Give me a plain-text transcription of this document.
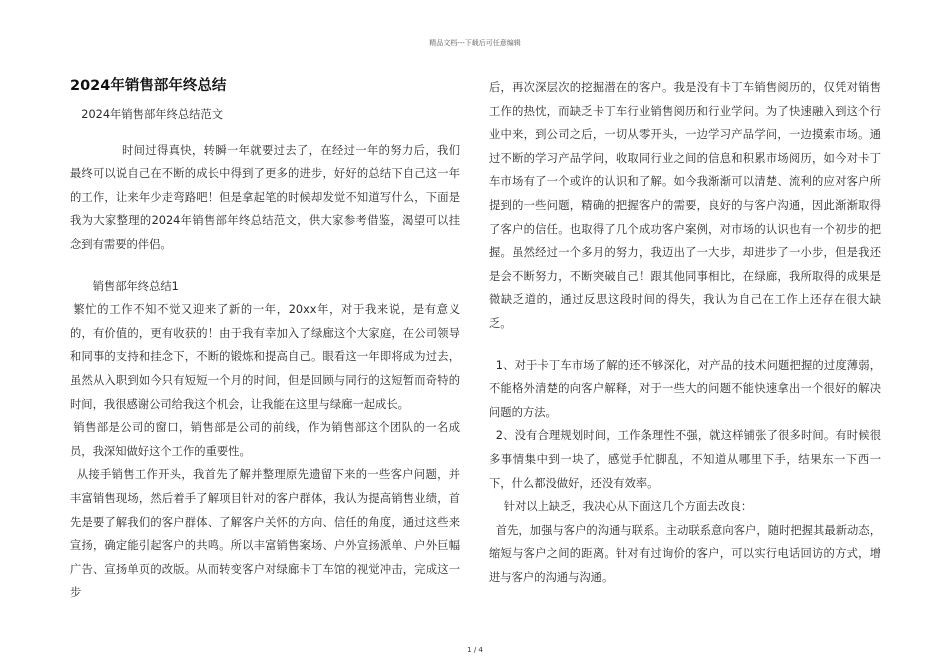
精品文档---下载后可任意编辑
2024年销售部年终总结

2024年销售部年终总结范文

时间过得真快，转瞬一年就要过去了，在经过一年的努力后，我们最终可以说自己在不断的成长中得到了更多的进步，好好的总结下自己这一年的工作，让来年少走弯路吧！但是拿起笔的时候却发觉不知道写什么，下面是我为大家整理的2024年销售部年终总结范文，供大家参考借鉴，渴望可以挂念到有需要的伴侣。

销售部年终总结1

繁忙的工作不知不觉又迎来了新的一年，20xx年，对于我来说，是有意义的，有价值的，更有收获的！由于我有幸加入了绿廊这个大家庭，在公司领导和同事的支持和挂念下，不断的锻炼和提高自己。眼看这一年即将成为过去，虽然从入职到如今只有短短一个月的时间，但是回顾与同行的这短暂而奇特的时间，我很感谢公司给我这个机会，让我能在这里与绿廊一起成长。

销售部是公司的窗口，销售部是公司的前线，作为销售部这个团队的一名成员，我深知做好这个工作的重要性。

从接手销售工作开头，我首先了解并整理原先遗留下来的一些客户问题，并丰富销售现场，然后着手了解项目针对的客户群体，我认为提高销售业绩，首先是要了解我们的客户群体、了解客户关怀的方向、信任的角度，通过这些来宣扬，确定能引起客户的共鸣。所以丰富销售案场、户外宣扬派单、户外巨幅广告、宣扬单页的改版。从而转变客户对绿廊卡丁车馆的视觉冲击，完成这一步

后，再次深层次的挖掘潜在的客户。我是没有卡丁车销售阅历的，仅凭对销售工作的热忱，而缺乏卡丁车行业销售阅历和行业学问。为了快速融入到这个行业中来，到公司之后，一切从零开头，一边学习产品学问，一边摸索市场。通过不断的学习产品学问，收取同行业之间的信息和积累市场阅历，如今对卡丁车市场有了一个或许的认识和了解。如今我渐渐可以清楚、流利的应对客户所提到的一些问题，精确的把握客户的需要，良好的与客户沟通，因此渐渐取得了客户的信任。也取得了几个成功客户案例，对市场的认识也有一个初步的把握。虽然经过一个多月的努力，我迈出了一大步，却进步了一小步，但是我还是会不断努力，不断突破自己！跟其他同事相比，在绿廊，我所取得的成果是微缺乏道的，通过反思这段时间的得失，我认为自己在工作上还存在很大缺乏。

1、对于卡丁车市场了解的还不够深化，对产品的技术问题把握的过度薄弱，不能格外清楚的向客户解释，对于一些大的问题不能快速拿出一个很好的解决问题的方法。

2、没有合理规划时间，工作条理性不强，就这样铺张了很多时间。有时候很多事情集中到一块了，感觉手忙脚乱，不知道从哪里下手，结果东一下西一下，什么都没做好，还没有效率。

针对以上缺乏，我决心从下面这几个方面去改良：

首先，加强与客户的沟通与联系。主动联系意向客户，随时把握其最新动态，缩短与客户之间的距离。针对有过询价的客户，可以实行电话回访的方式，增进与客户的沟通与沟通。

1 / 4
